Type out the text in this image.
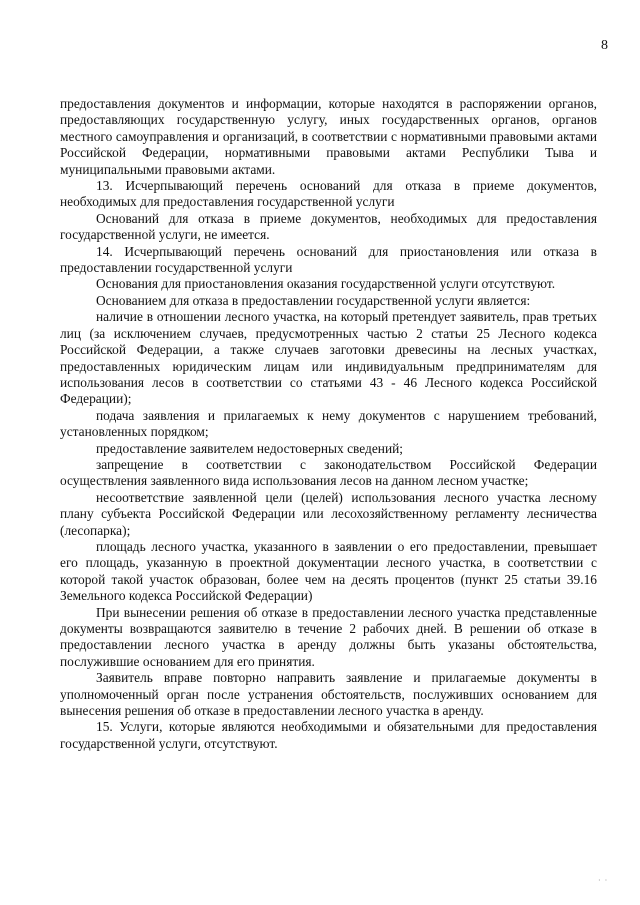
8

предоставления документов и информации, которые находятся в распоряжении органов, предоставляющих государственную услугу, иных государственных органов, органов местного самоуправления и организаций, в соответствии с нормативными правовыми актами Российской Федерации, нормативными правовыми актами Республики Тыва и муниципальными правовыми актами.

13. Исчерпывающий перечень оснований для отказа в приеме документов, необходимых для предоставления государственной услуги

Оснований для отказа в приеме документов, необходимых для предоставления государственной услуги, не имеется.

14. Исчерпывающий перечень оснований для приостановления или отказа в предоставлении государственной услуги

Основания для приостановления оказания государственной услуги отсутствуют.

Основанием для отказа в предоставлении государственной услуги является:

наличие в отношении лесного участка, на который претендует заявитель, прав третьих лиц (за исключением случаев, предусмотренных частью 2 статьи 25 Лесного кодекса Российской Федерации, а также случаев заготовки древесины на лесных участках, предоставленных юридическим лицам или индивидуальным предпринимателям для использования лесов в соответствии со статьями 43 - 46 Лесного кодекса Российской Федерации);

подача заявления и прилагаемых к нему документов с нарушением требований, установленных порядком;

предоставление заявителем недостоверных сведений;

запрещение в соответствии с законодательством Российской Федерации осуществления заявленного вида использования лесов на данном лесном участке;

несоответствие заявленной цели (целей) использования лесного участка лесному плану субъекта Российской Федерации или лесохозяйственному регламенту лесничества (лесопарка);

площадь лесного участка, указанного в заявлении о его предоставлении, превышает его площадь, указанную в проектной документации лесного участка, в соответствии с которой такой участок образован, более чем на десять процентов (пункт 25 статьи 39.16 Земельного кодекса Российской Федерации)

При вынесении решения об отказе в предоставлении лесного участка представленные документы возвращаются заявителю в течение 2 рабочих дней. В решении об отказе в предоставлении лесного участка в аренду должны быть указаны обстоятельства, послужившие основанием для его принятия.

Заявитель вправе повторно направить заявление и прилагаемые документы в уполномоченный орган после устранения обстоятельств, послуживших основанием для вынесения решения об отказе в предоставлении лесного участка в аренду.

15. Услуги, которые являются необходимыми и обязательными для предоставления государственной услуги, отсутствуют.

· ·
